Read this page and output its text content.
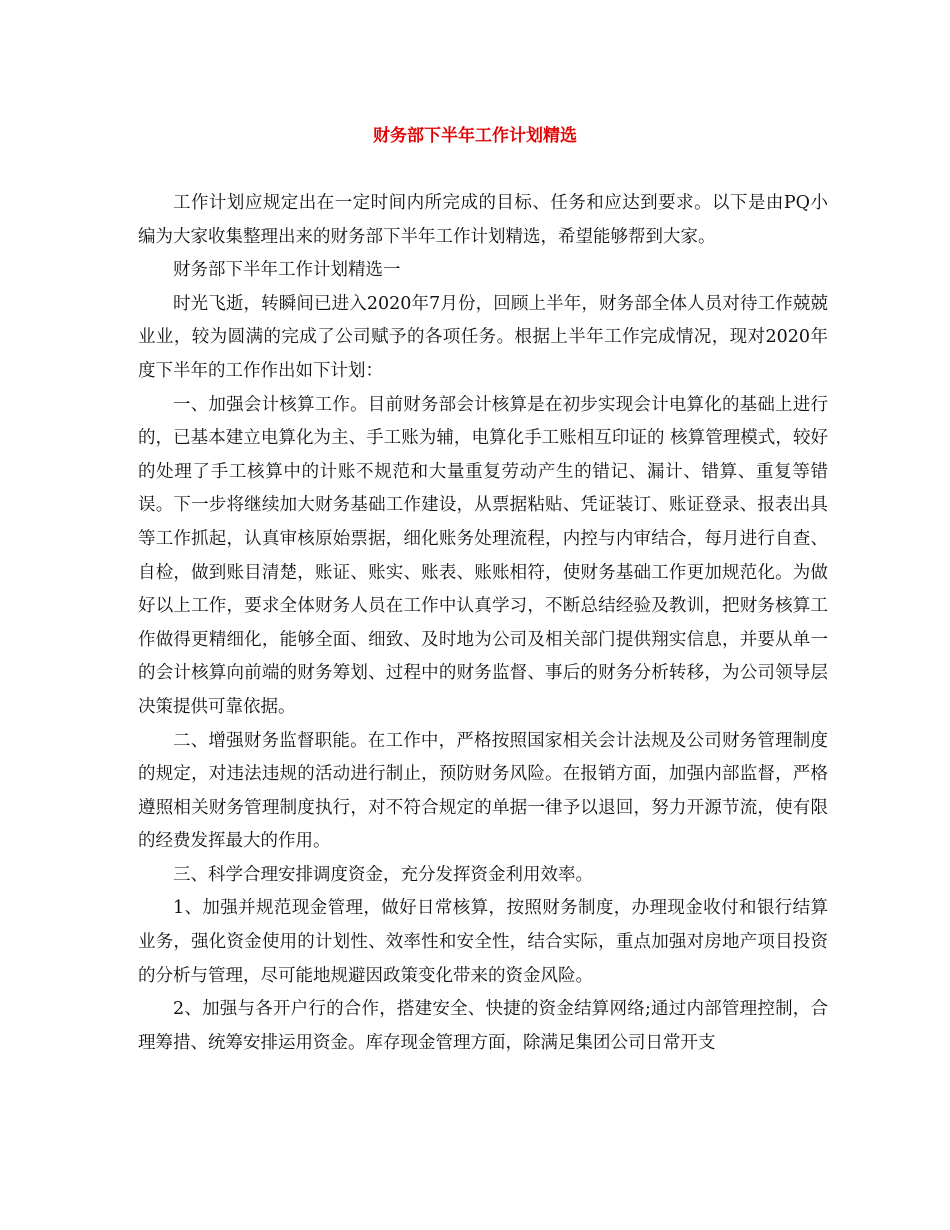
财务部下半年工作计划精选

工作计划应规定出在一定时间内所完成的目标、任务和应达到要求。以下是由PQ小编为大家收集整理出来的财务部下半年工作计划精选，希望能够帮到大家。

财务部下半年工作计划精选一

时光飞逝，转瞬间已进入2020年7月份，回顾上半年，财务部全体人员对待工作兢兢业业，较为圆满的完成了公司赋予的各项任务。根据上半年工作完成情况，现对2020年度下半年的工作作出如下计划：

一、加强会计核算工作。目前财务部会计核算是在初步实现会计电算化的基础上进行的，已基本建立电算化为主、手工账为辅，电算化手工账相互印证的 核算管理模式，较好的处理了手工核算中的计账不规范和大量重复劳动产生的错记、漏计、错算、重复等错误。下一步将继续加大财务基础工作建设，从票据粘贴、凭证装订、账证登录、报表出具等工作抓起，认真审核原始票据，细化账务处理流程，内控与内审结合，每月进行自查、自检，做到账目清楚，账证、账实、账表、账账相符，使财务基础工作更加规范化。为做好以上工作，要求全体财务人员在工作中认真学习，不断总结经验及教训，把财务核算工作做得更精细化，能够全面、细致、及时地为公司及相关部门提供翔实信息，并要从单一的会计核算向前端的财务筹划、过程中的财务监督、事后的财务分析转移，为公司领导层决策提供可靠依据。

二、增强财务监督职能。在工作中，严格按照国家相关会计法规及公司财务管理制度的规定，对违法违规的活动进行制止，预防财务风险。在报销方面，加强内部监督，严格遵照相关财务管理制度执行，对不符合规定的单据一律予以退回，努力开源节流，使有限的经费发挥最大的作用。

三、科学合理安排调度资金，充分发挥资金利用效率。

1、加强并规范现金管理，做好日常核算，按照财务制度，办理现金收付和银行结算业务，强化资金使用的计划性、效率性和安全性，结合实际，重点加强对房地产项目投资的分析与管理，尽可能地规避因政策变化带来的资金风险。

2、加强与各开户行的合作，搭建安全、快捷的资金结算网络;通过内部管理控制，合理筹措、统筹安排运用资金。库存现金管理方面，除满足集团公司日常开支
